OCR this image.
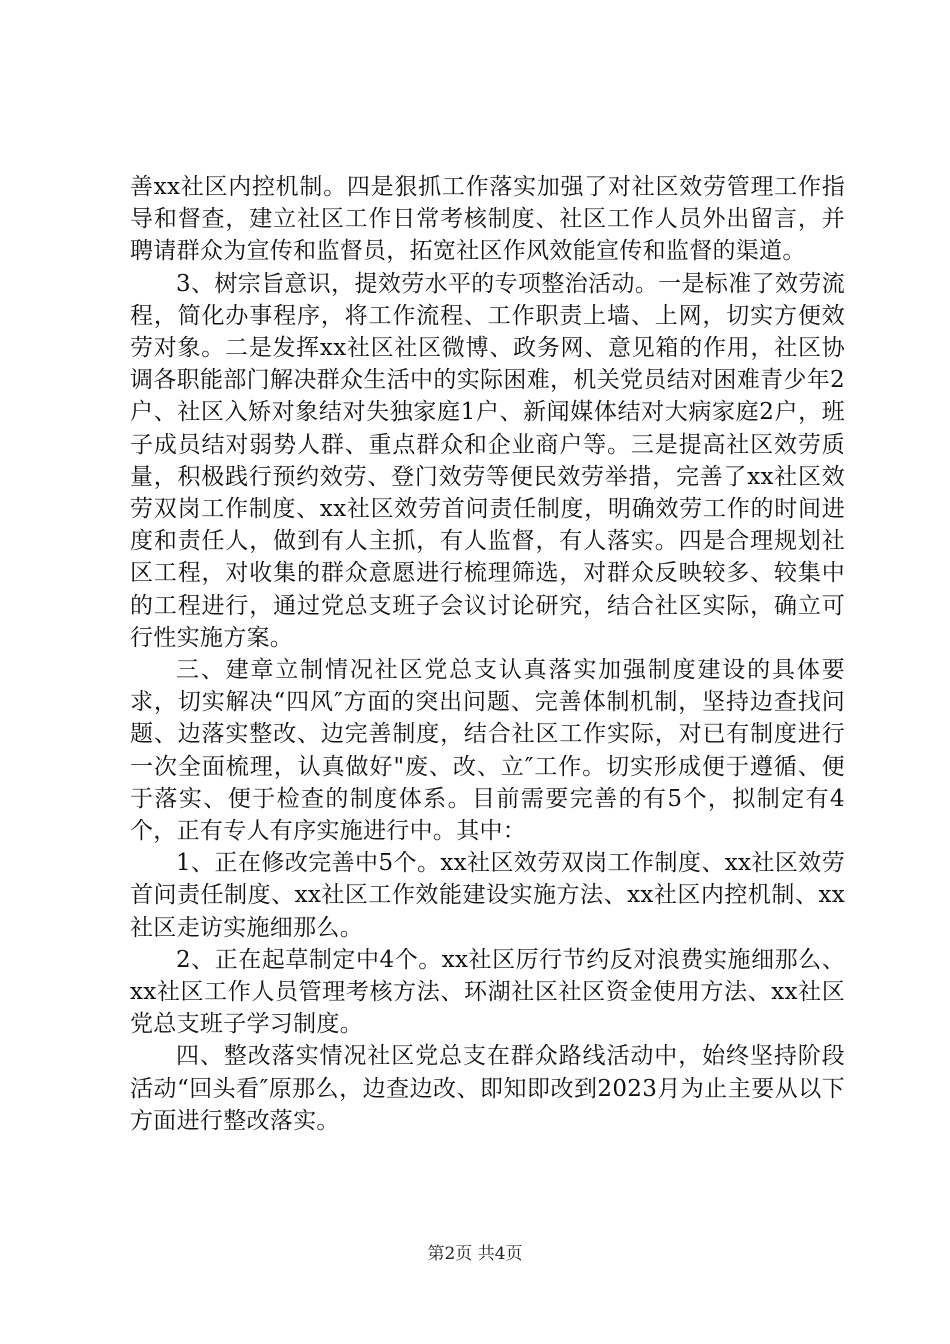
善xx社区内控机制。四是狠抓工作落实加强了对社区效劳管理工作指导和督查，建立社区工作日常考核制度、社区工作人员外出留言，并聘请群众为宣传和监督员，拓宽社区作风效能宣传和监督的渠道。

3、树宗旨意识，提效劳水平的专项整治活动。一是标准了效劳流程，简化办事程序，将工作流程、工作职责上墙、上网，切实方便效劳对象。二是发挥xx社区社区微博、政务网、意见箱的作用，社区协调各职能部门解决群众生活中的实际困难，机关党员结对困难青少年2户、社区入矫对象结对失独家庭1户、新闻媒体结对大病家庭2户，班子成员结对弱势人群、重点群众和企业商户等。三是提高社区效劳质量，积极践行预约效劳、登门效劳等便民效劳举措，完善了xx社区效劳双岗工作制度、xx社区效劳首问责任制度，明确效劳工作的时间进度和责任人，做到有人主抓，有人监督，有人落实。四是合理规划社区工程，对收集的群众意愿进行梳理筛选，对群众反映较多、较集中的工程进行，通过党总支班子会议讨论研究，结合社区实际，确立可行性实施方案。

三、建章立制情况社区党总支认真落实加强制度建设的具体要求，切实解决“四风″方面的突出问题、完善体制机制，坚持边查找问题、边落实整改、边完善制度，结合社区工作实际，对已有制度进行一次全面梳理，认真做好"废、改、立″工作。切实形成便于遵循、便于落实、便于检查的制度体系。目前需要完善的有5个，拟制定有4个，正有专人有序实施进行中。其中：

1、正在修改完善中5个。xx社区效劳双岗工作制度、xx社区效劳首问责任制度、xx社区工作效能建设实施方法、xx社区内控机制、xx社区走访实施细那么。

2、正在起草制定中4个。xx社区厉行节约反对浪费实施细那么、xx社区工作人员管理考核方法、环湖社区社区资金使用方法、xx社区党总支班子学习制度。

四、整改落实情况社区党总支在群众路线活动中，始终坚持阶段活动“回头看″原那么，边查边改、即知即改到2023月为止主要从以下方面进行整改落实。

第2页 共4页
